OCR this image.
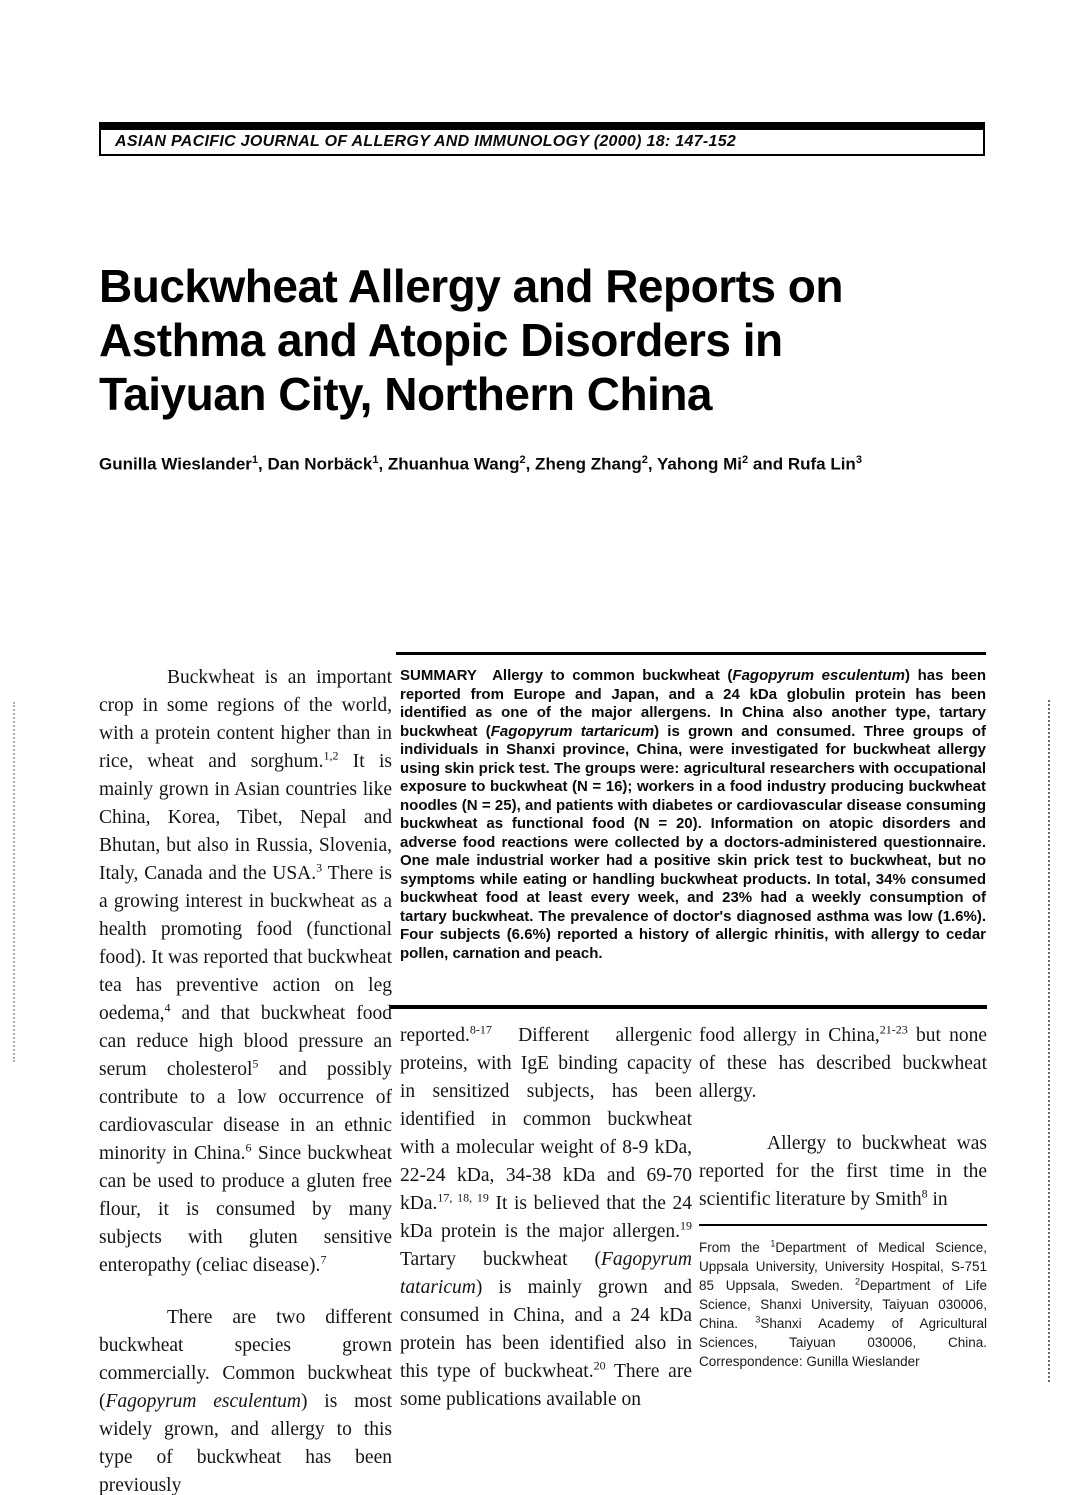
ASIAN PACIFIC JOURNAL OF ALLERGY AND IMMUNOLOGY (2000) 18: 147-152
Buckwheat Allergy and Reports on
Asthma and Atopic Disorders in
Taiyuan City, Northern China
Gunilla Wieslander$^1$, Dan Norbäck$^1$, Zhuanhua Wang$^2$, Zheng Zhang$^2$, Yahong Mi$^2$ and Rufa Lin$^3$
SUMMARY  Allergy to common buckwheat (Fagopyrum esculentum) has been reported from Europe and Japan, and a 24 kDa globulin protein has been identified as one of the major allergens. In China also another type, tartary buckwheat (Fagopyrum tartaricum) is grown and consumed. Three groups of individuals in Shanxi province, China, were investigated for buckwheat allergy using skin prick test. The groups were: agricultural researchers with occupational exposure to buckwheat (N = 16); workers in a food industry producing buckwheat noodles (N = 25), and patients with diabetes or cardiovascular disease consuming buckwheat as functional food (N = 20). Information on atopic disorders and adverse food reactions were collected by a doctors-administered questionnaire. One male industrial worker had a positive skin prick test to buckwheat, but no symptoms while eating or handling buckwheat products. In total, 34% consumed buckwheat food at least every week, and 23% had a weekly consumption of tartary buckwheat. The prevalence of doctor's diagnosed asthma was low (1.6%). Four subjects (6.6%) reported a history of allergic rhinitis, with allergy to cedar pollen, carnation and peach.

Buckwheat is an important crop in some regions of the world, with a protein content higher than in rice, wheat and sorghum.$^{1,2}$ It is mainly grown in Asian countries like China, Korea, Tibet, Nepal and Bhutan, but also in Russia, Slovenia, Italy, Canada and the USA.$^3$ There is a growing interest in buckwheat as a health promoting food (functional food). It was reported that buckwheat tea has preventive action on leg oedema,$^4$ and that buckwheat food can reduce high blood pressure an serum cholesterol$^5$ and possibly contribute to a low occurrence of cardiovascular disease in an ethnic minority in China.$^6$ Since buckwheat can be used to produce a gluten free flour, it is consumed by many subjects with gluten sensitive enteropathy (celiac disease).$^7$

There are two different buckwheat species grown commercially. Common buckwheat (Fagopyrum esculentum) is most widely grown, and allergy to this type of buckwheat has been previously

reported.$^{8-17}$ Different allergenic proteins, with IgE binding capacity in sensitized subjects, has been identified in common buckwheat with a molecular weight of 8-9 kDa, 22-24 kDa, 34-38 kDa and 69-70 kDa.$^{17, 18, 19}$ It is believed that the 24 kDa protein is the major allergen.$^{19}$ Tartary buckwheat (Fagopyrum tataricum) is mainly grown and consumed in China, and a 24 kDa protein has been identified also in this type of buckwheat.$^{20}$ There are some publications available on

food allergy in China,$^{21-23}$ but none of these has described buckwheat allergy.

Allergy to buckwheat was reported for the first time in the scientific literature by Smith$^8$ in

From the $^1$Department of Medical Science, Uppsala University, University Hospital, S-751 85 Uppsala, Sweden. $^2$Department of Life Science, Shanxi University, Taiyuan 030006, China. $^3$Shanxi Academy of Agricultural Sciences, Taiyuan 030006, China. Correspondence: Gunilla Wieslander
